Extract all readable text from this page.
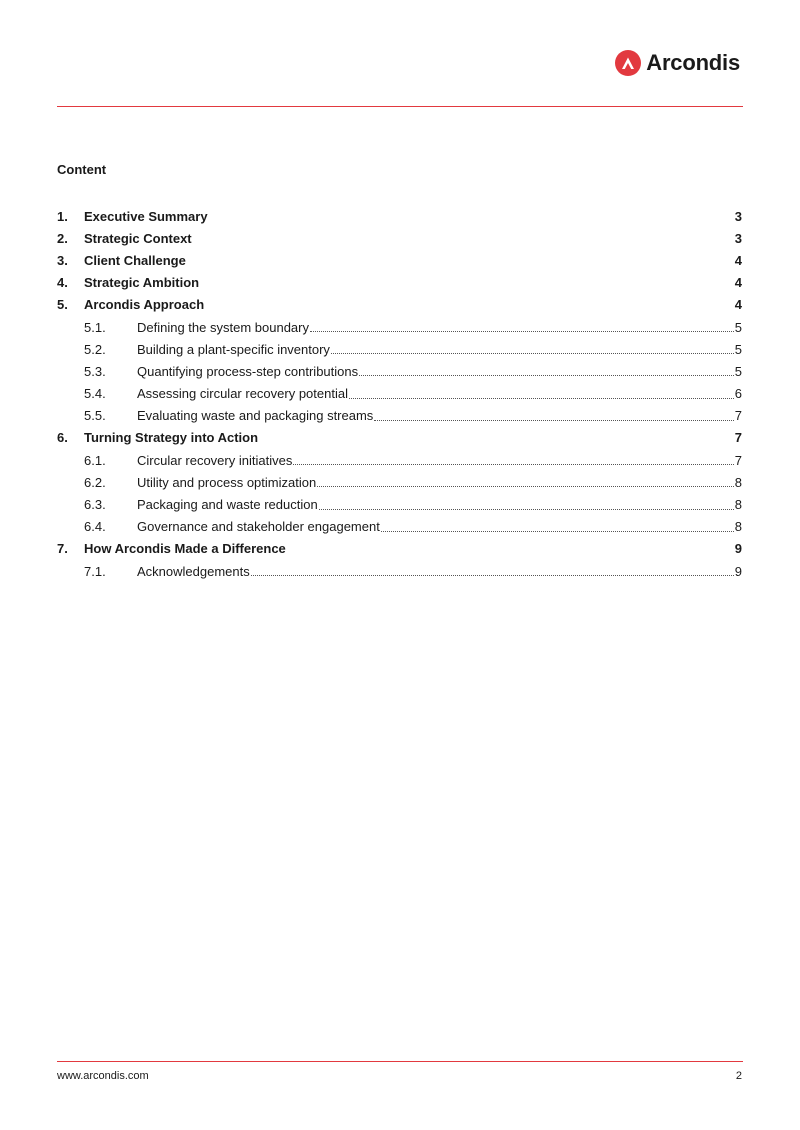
Arcondis
Content
1.	Executive Summary	3
2.	Strategic Context	3
3.	Client Challenge	4
4.	Strategic Ambition	4
5.	Arcondis Approach	4
5.1.	Defining the system boundary	5
5.2.	Building a plant-specific inventory	5
5.3.	Quantifying process-step contributions	5
5.4.	Assessing circular recovery potential	6
5.5.	Evaluating waste and packaging streams	7
6.	Turning Strategy into Action	7
6.1.	Circular recovery initiatives	7
6.2.	Utility and process optimization	8
6.3.	Packaging and waste reduction	8
6.4.	Governance and stakeholder engagement	8
7.	How Arcondis Made a Difference	9
7.1.	Acknowledgements	9
www.arcondis.com	2
